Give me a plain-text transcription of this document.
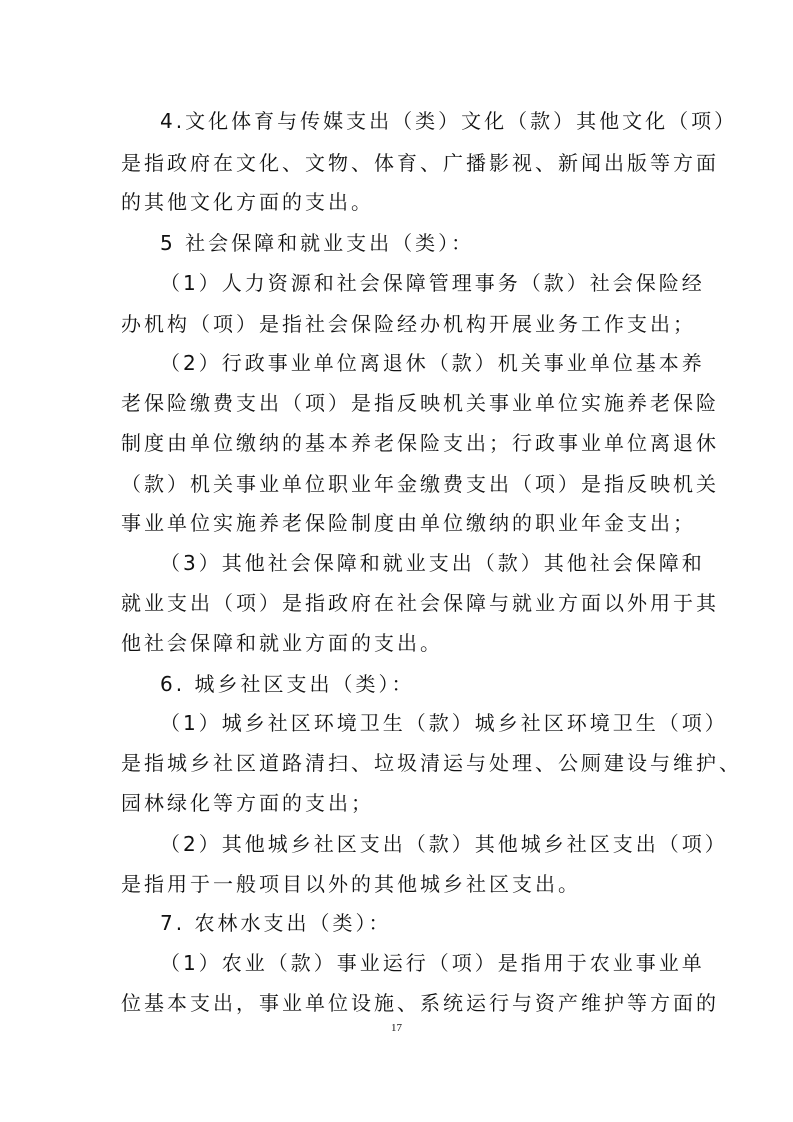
4.文化体育与传媒支出（类）文化（款）其他文化（项）
是指政府在文化、文物、体育、广播影视、新闻出版等方面
的其他文化方面的支出。
5 社会保障和就业支出（类）：
（1）人力资源和社会保障管理事务（款）社会保险经
办机构（项）是指社会保险经办机构开展业务工作支出；
（2）行政事业单位离退休（款）机关事业单位基本养
老保险缴费支出（项）是指反映机关事业单位实施养老保险
制度由单位缴纳的基本养老保险支出；行政事业单位离退休
（款）机关事业单位职业年金缴费支出（项）是指反映机关
事业单位实施养老保险制度由单位缴纳的职业年金支出；
（3）其他社会保障和就业支出（款）其他社会保障和
就业支出（项）是指政府在社会保障与就业方面以外用于其
他社会保障和就业方面的支出。
6. 城乡社区支出（类）：
（1）城乡社区环境卫生（款）城乡社区环境卫生（项）
是指城乡社区道路清扫、垃圾清运与处理、公厕建设与维护、
园林绿化等方面的支出；
（2）其他城乡社区支出（款）其他城乡社区支出（项）
是指用于一般项目以外的其他城乡社区支出。
7. 农林水支出（类）：
（1）农业（款）事业运行（项）是指用于农业事业单
位基本支出，事业单位设施、系统运行与资产维护等方面的
17
